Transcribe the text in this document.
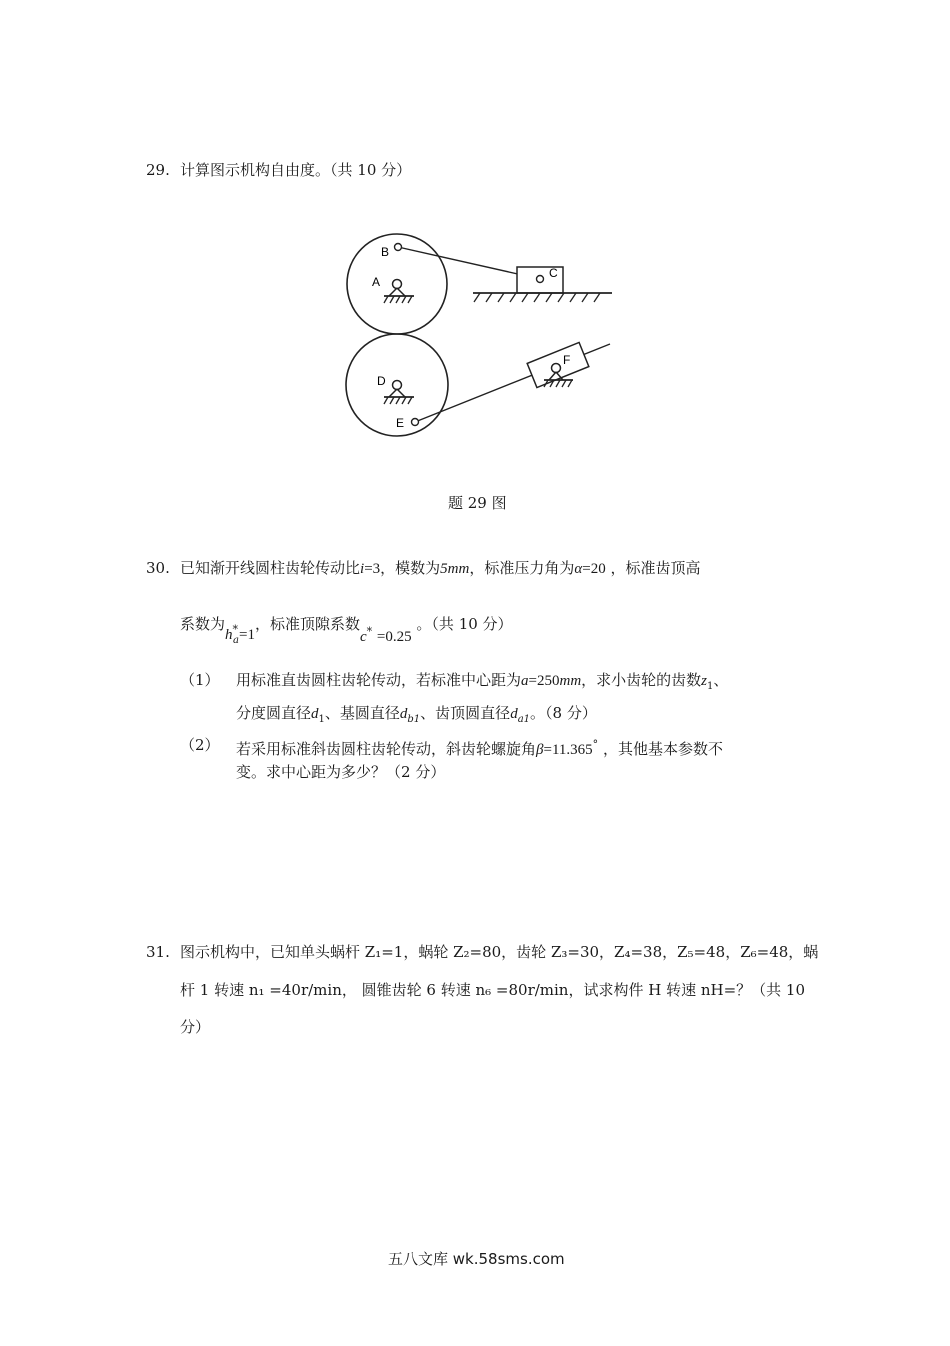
29. 计算图示机构自由度。（共 10 分）
B
A
C
D
E
F
题 29 图
30. 已知渐开线圆柱齿轮传动比i=3，模数为5mm，标准压力角为α=20 ，标准齿顶高
系数为$h^*_a=1$，标准顶隙系数$c_* =0.25$ 。（共 10 分）
（1） 用标准直齿圆柱齿轮传动，若标准中心距为a=250mm，求小齿轮的齿数$z_1$、
分度圆直径$d_1$、基圆直径$d_{b1}$、齿顶圆直径$d_{a1}$。（8 分）
（2） 若采用标准斜齿圆柱齿轮传动，斜齿轮螺旋角β=11.365° ，其他基本参数不
变。求中心距为多少？（2 分）
31. 图示机构中，已知单头蜗杆 Z₁=1，蜗轮 Z₂=80，齿轮 Z₃=30，Z₄=38，Z₅=48，Z₆=48，蜗
杆 1 转速 n₁ =40r/min， 圆锥齿轮 6 转速 n₆ =80r/min，试求构件 H 转速 nH=？（共 10
分）
五八文库 wk.58sms.com
